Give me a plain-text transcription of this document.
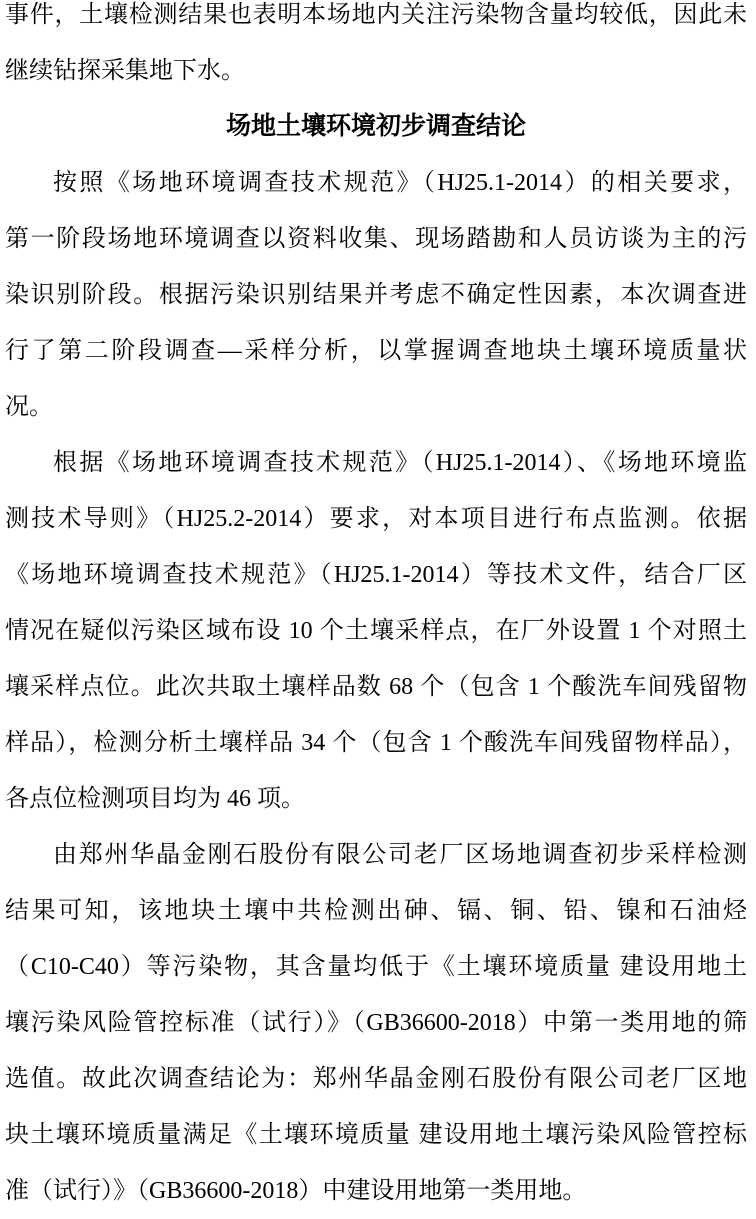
事件，土壤检测结果也表明本场地内关注污染物含量均较低，因此未
继续钻探采集地下水。
场地土壤环境初步调查结论
按照《场地环境调查技术规范》（HJ25.1-2014）的相关要求，
第一阶段场地环境调查以资料收集、现场踏勘和人员访谈为主的污
染识别阶段。根据污染识别结果并考虑不确定性因素，本次调查进
行了第二阶段调查—采样分析，以掌握调查地块土壤环境质量状
况。
根据《场地环境调查技术规范》（HJ25.1-2014）、《场地环境监
测技术导则》（HJ25.2-2014）要求，对本项目进行布点监测。依据
《场地环境调查技术规范》（HJ25.1-2014）等技术文件，结合厂区
情况在疑似污染区域布设 10 个土壤采样点，在厂外设置 1 个对照土
壤采样点位。此次共取土壤样品数 68 个（包含 1 个酸洗车间残留物
样品），检测分析土壤样品 34 个（包含 1 个酸洗车间残留物样品），
各点位检测项目均为 46 项。
由郑州华晶金刚石股份有限公司老厂区场地调查初步采样检测
结果可知，该地块土壤中共检测出砷、镉、铜、铅、镍和石油烃
（C10-C40）等污染物，其含量均低于《土壤环境质量 建设用地土
壤污染风险管控标准（试行）》（GB36600-2018）中第一类用地的筛
选值。故此次调查结论为：郑州华晶金刚石股份有限公司老厂区地
块土壤环境质量满足《土壤环境质量 建设用地土壤污染风险管控标
准（试行）》（GB36600-2018）中建设用地第一类用地。
